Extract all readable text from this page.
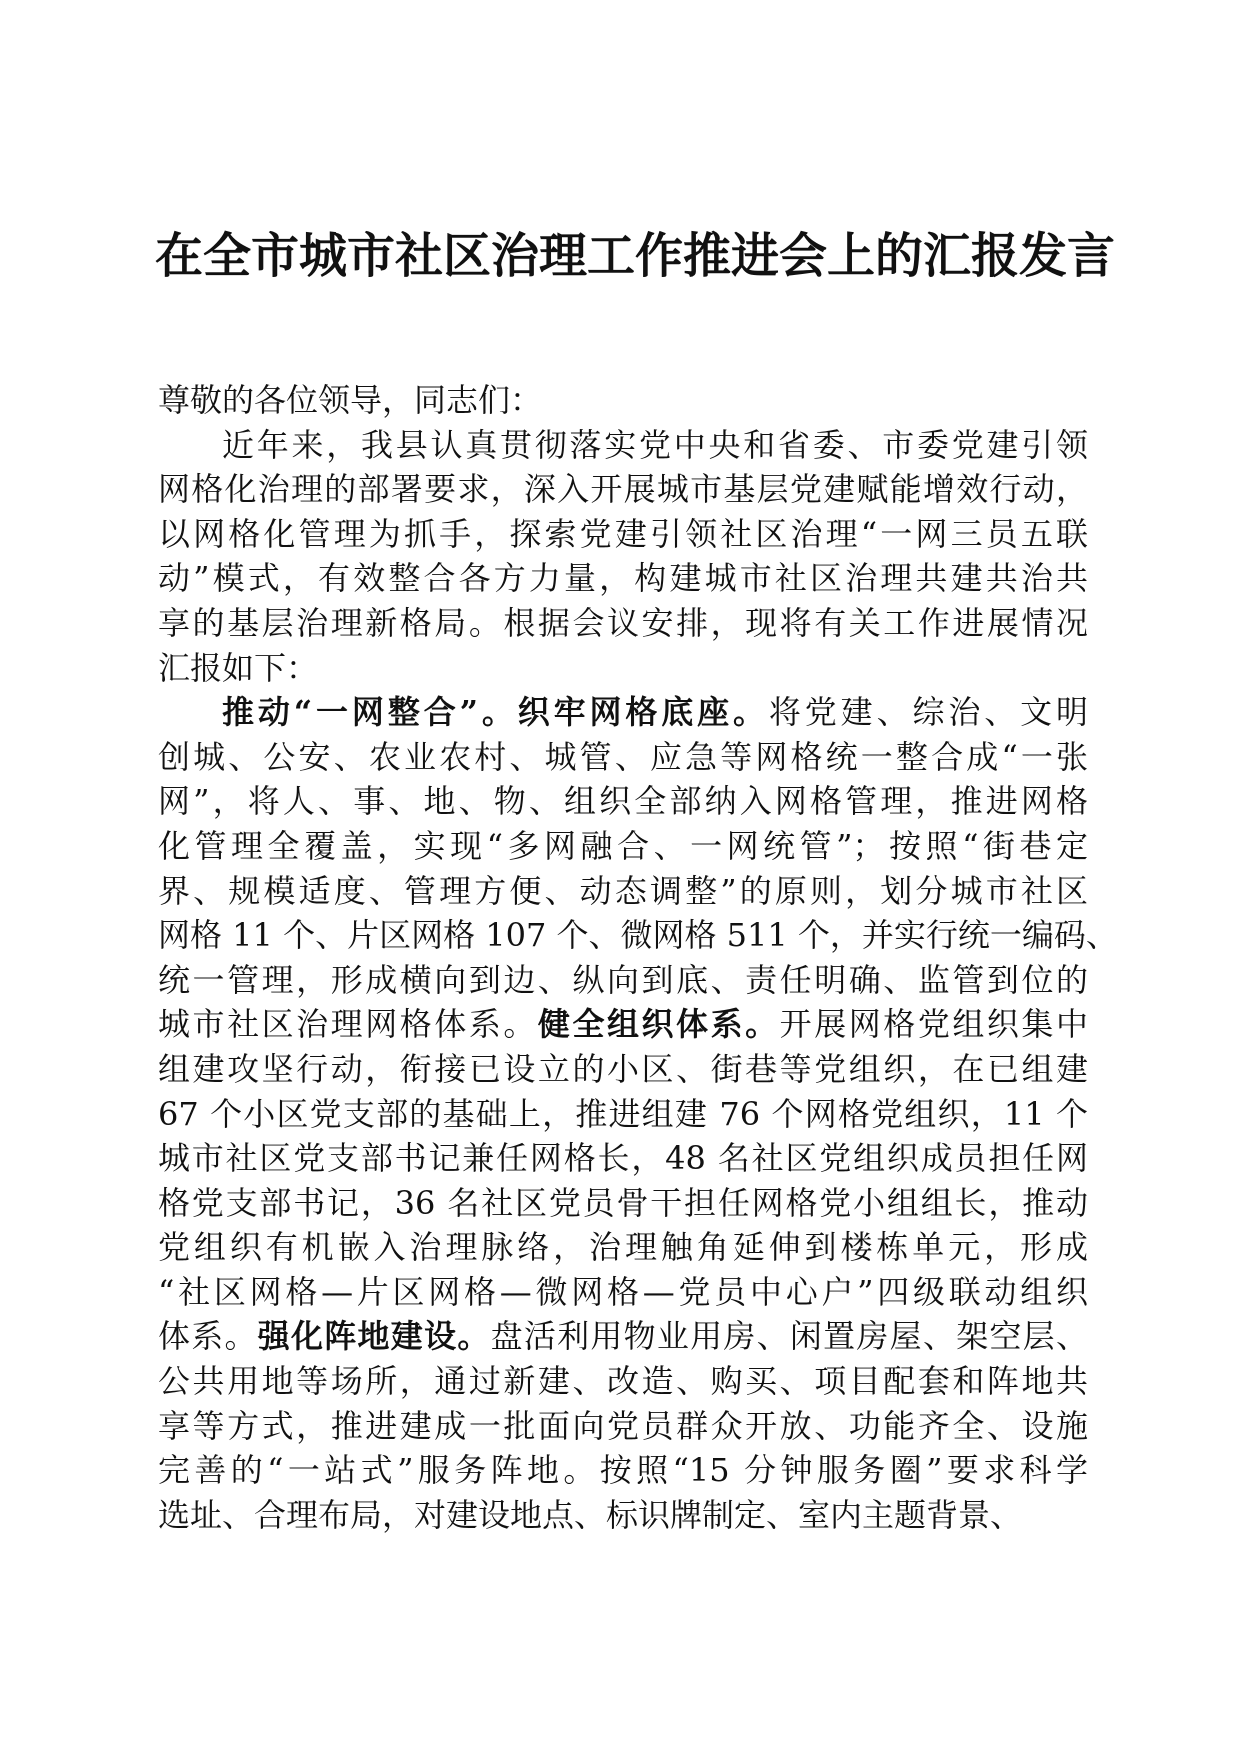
在全市城市社区治理工作推进会上的汇报发言
尊敬的各位领导，同志们：
近年来，我县认真贯彻落实党中央和省委、市委党建引领
网格化治理的部署要求，深入开展城市基层党建赋能增效行动，
以网格化管理为抓手，探索党建引领社区治理“一网三员五联
动”模式，有效整合各方力量，构建城市社区治理共建共治共
享的基层治理新格局。根据会议安排，现将有关工作进展情况
汇报如下：
推动“一网整合”。织牢网格底座。将党建、综治、文明
创城、公安、农业农村、城管、应急等网格统一整合成“一张
网”，将人、事、地、物、组织全部纳入网格管理，推进网格
化管理全覆盖，实现“多网融合、一网统管”；按照“街巷定
界、规模适度、管理方便、动态调整”的原则，划分城市社区
网格 11 个、片区网格 107 个、微网格 511 个，并实行统一编码、
统一管理，形成横向到边、纵向到底、责任明确、监管到位的
城市社区治理网格体系。健全组织体系。开展网格党组织集中
组建攻坚行动，衔接已设立的小区、街巷等党组织，在已组建
67 个小区党支部的基础上，推进组建 76 个网格党组织，11 个
城市社区党支部书记兼任网格长，48 名社区党组织成员担任网
格党支部书记，36 名社区党员骨干担任网格党小组组长，推动
党组织有机嵌入治理脉络，治理触角延伸到楼栋单元，形成
“社区网格—片区网格—微网格—党员中心户”四级联动组织
体系。强化阵地建设。盘活利用物业用房、闲置房屋、架空层、
公共用地等场所，通过新建、改造、购买、项目配套和阵地共
享等方式，推进建成一批面向党员群众开放、功能齐全、设施
完善的“一站式”服务阵地。按照“15 分钟服务圈”要求科学
选址、合理布局，对建设地点、标识牌制定、室内主题背景、
